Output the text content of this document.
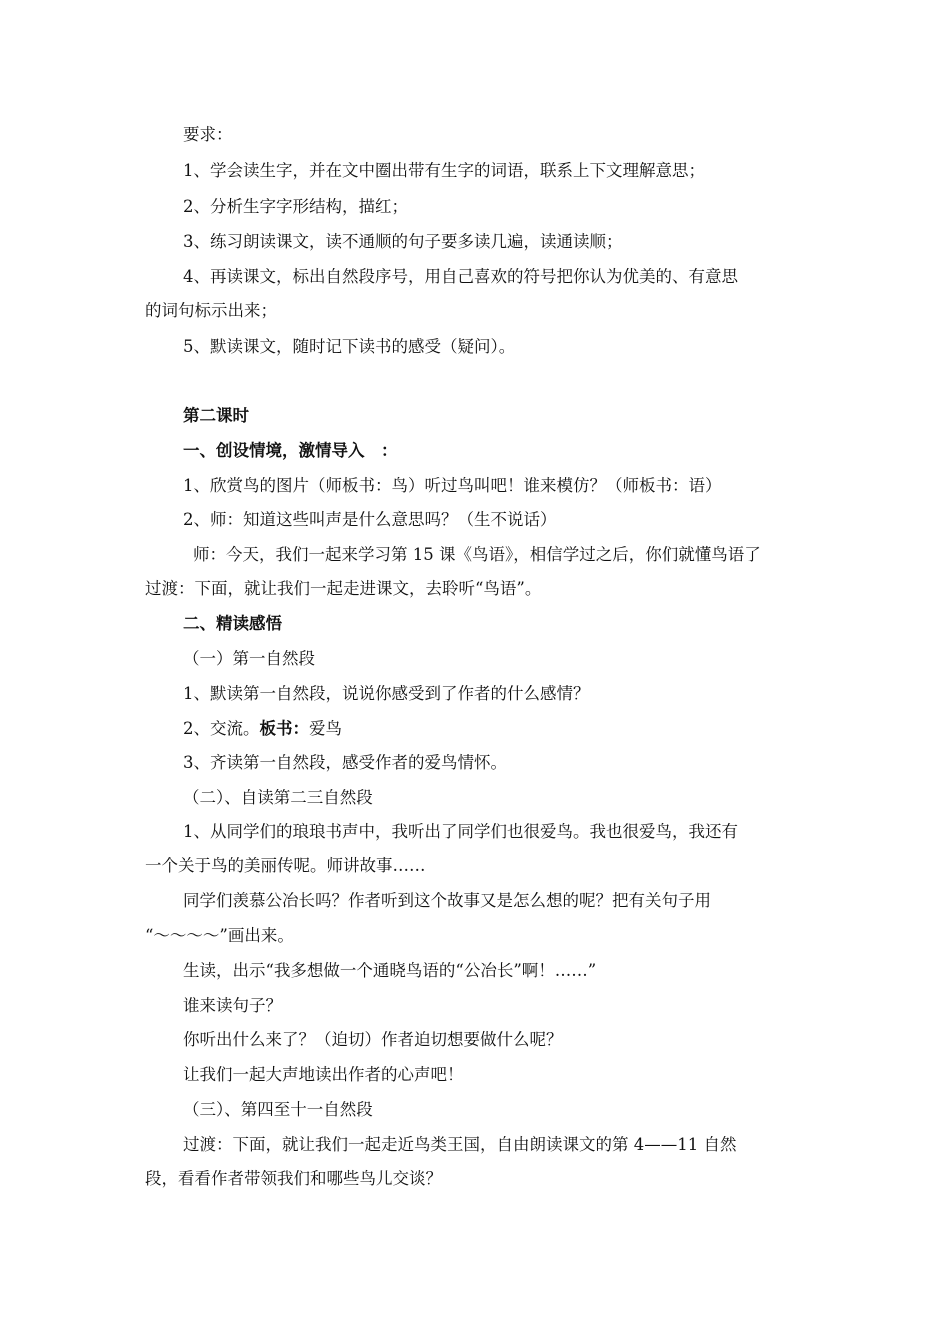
要求：
1、学会读生字，并在文中圈出带有生字的词语，联系上下文理解意思；
2、分析生字字形结构，描红；
3、练习朗读课文，读不通顺的句子要多读几遍，读通读顺；
4、再读课文，标出自然段序号，用自己喜欢的符号把你认为优美的、有意思
的词句标示出来；
5、默读课文，随时记下读书的感受（疑问）。
第二课时
一、创设情境，激情导入　：
1、欣赏鸟的图片（师板书：鸟）听过鸟叫吧！谁来模仿？（师板书：语）
2、师：知道这些叫声是什么意思吗？（生不说话）
师：今天，我们一起来学习第 15 课《鸟语》，相信学过之后，你们就懂鸟语了
过渡：下面，就让我们一起走进课文，去聆听“鸟语”。
二、精读感悟
（一）第一自然段
1、默读第一自然段，说说你感受到了作者的什么感情？
2、交流。板书：爱鸟
3、齐读第一自然段，感受作者的爱鸟情怀。
（二）、自读第二三自然段
1、从同学们的琅琅书声中，我听出了同学们也很爱鸟。我也很爱鸟，我还有
一个关于鸟的美丽传呢。师讲故事……
同学们羡慕公冶长吗？作者听到这个故事又是怎么想的呢？把有关句子用
“～～～～”画出来。
生读，出示“我多想做一个通晓鸟语的“公冶长”啊！……”
谁来读句子？
你听出什么来了？（迫切）作者迫切想要做什么呢？
让我们一起大声地读出作者的心声吧！
（三）、第四至十一自然段
过渡：下面，就让我们一起走近鸟类王国，自由朗读课文的第 4——11 自然
段，看看作者带领我们和哪些鸟儿交谈？
